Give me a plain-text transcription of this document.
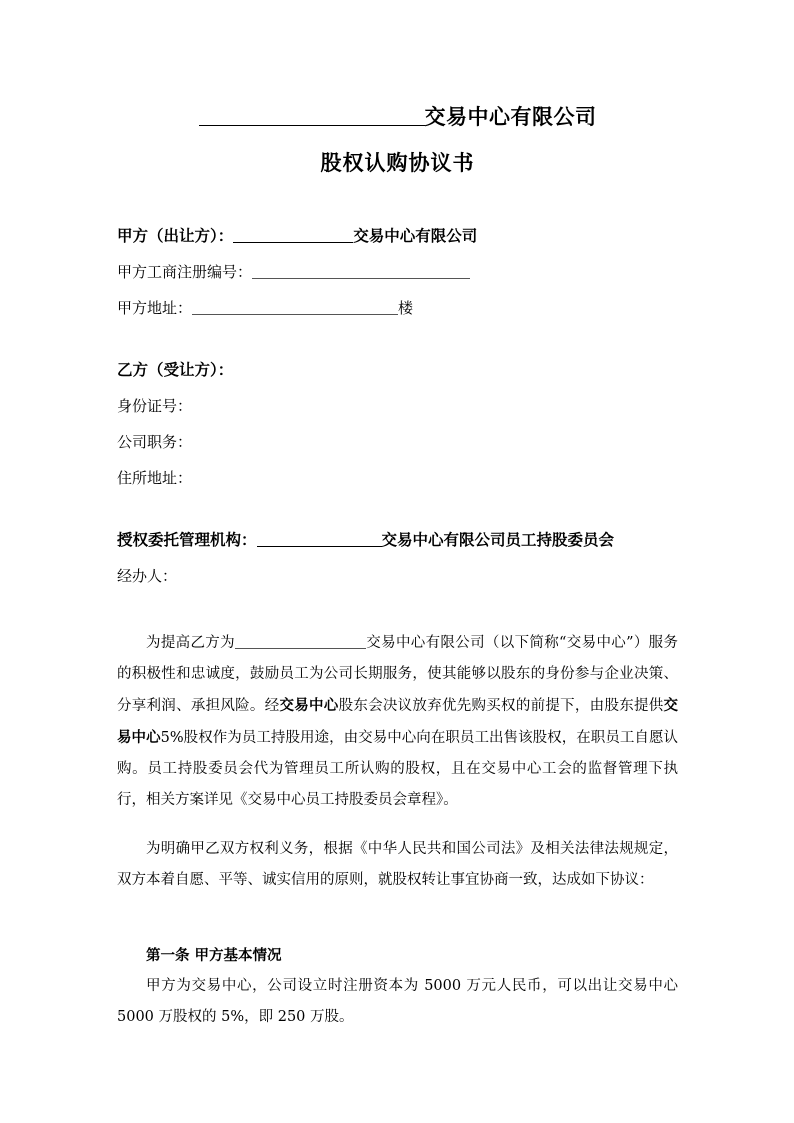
交易中心有限公司
股权认购协议书
甲方（出让方）：	交易中心有限公司
甲方工商注册编号：
甲方地址：	楼
乙方（受让方）：
身份证号：
公司职务：
住所地址：
授权委托管理机构：	交易中心有限公司员工持股委员会
经办人：

为提高乙方为	交易中心有限公司（以下简称“交易中心”）服务的积极性和忠诚度，鼓励员工为公司长期服务，使其能够以股东的身份参与企业决策、分享利润、承担风险。经交易中心股东会决议放弃优先购买权的前提下，由股东提供交易中心5%股权作为员工持股用途，由交易中心向在职员工出售该股权，在职员工自愿认购。员工持股委员会代为管理员工所认购的股权，且在交易中心工会的监督管理下执行，相关方案详见《交易中心员工持股委员会章程》。

为明确甲乙双方权利义务，根据《中华人民共和国公司法》及相关法律法规规定，双方本着自愿、平等、诚实信用的原则，就股权转让事宜协商一致，达成如下协议：

第一条 甲方基本情况

甲方为交易中心，公司设立时注册资本为 5000 万元人民币，可以出让交易中心 5000 万股权的 5%，即 250 万股。
